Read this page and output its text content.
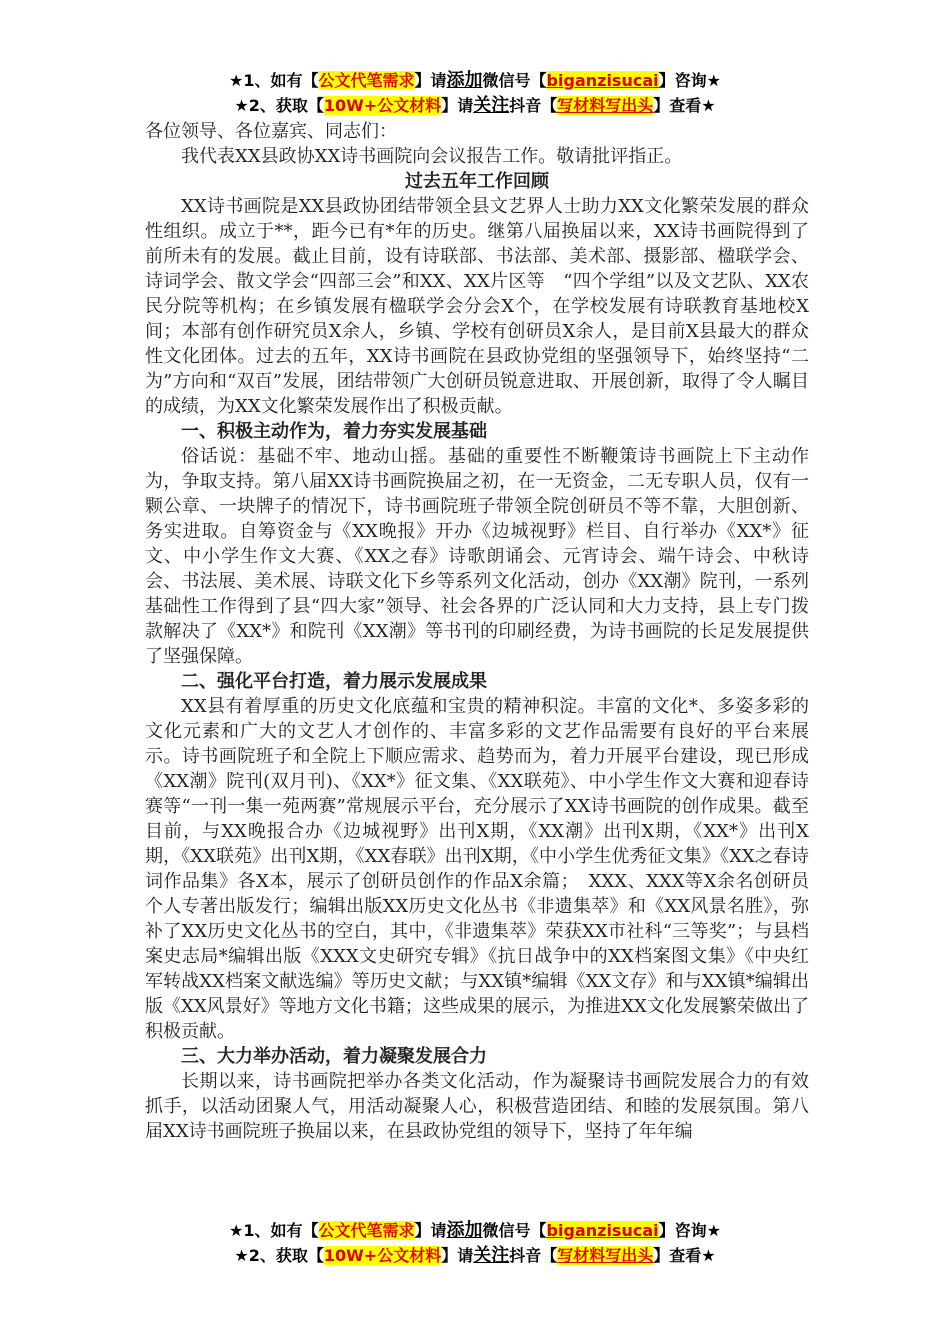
★1、如有【公文代笔需求】请添加微信号【biganzisucai】咨询★
★2、获取【10W+公文材料】请关注抖音【写材料写出头】查看★

各位领导、各位嘉宾、同志们：

我代表XX县政协XX诗书画院向会议报告工作。敬请批评指正。

过去五年工作回顾

XX诗书画院是XX县政协团结带领全县文艺界人士助力XX文化繁荣发展的群众性组织。成立于**，距今已有*年的历史。继第八届换届以来，XX诗书画院得到了前所未有的发展。截止目前，设有诗联部、书法部、美术部、摄影部、楹联学会、诗词学会、散文学会“四部三会”和XX、XX片区等　“四个学组”以及文艺队、XX农民分院等机构；在乡镇发展有楹联学会分会X个，在学校发展有诗联教育基地校X间；本部有创作研究员X余人，乡镇、学校有创研员X余人，是目前X县最大的群众性文化团体。过去的五年，XX诗书画院在县政协党组的坚强领导下，始终坚持“二为”方向和“双百”发展，团结带领广大创研员锐意进取、开展创新，取得了令人瞩目的成绩，为XX文化繁荣发展作出了积极贡献。

一、积极主动作为，着力夯实发展基础

俗话说：基础不牢、地动山摇。基础的重要性不断鞭策诗书画院上下主动作为，争取支持。第八届XX诗书画院换届之初，在一无资金，二无专职人员，仅有一颗公章、一块牌子的情况下，诗书画院班子带领全院创研员不等不靠，大胆创新、务实进取。自筹资金与《XX晚报》开办《边城视野》栏目、自行举办《XX*》征文、中小学生作文大赛、《XX之春》诗歌朗诵会、元宵诗会、端午诗会、中秋诗会、书法展、美术展、诗联文化下乡等系列文化活动，创办《XX潮》院刊，一系列基础性工作得到了县“四大家”领导、社会各界的广泛认同和大力支持，县上专门拨款解决了《XX*》和院刊《XX潮》等书刊的印刷经费，为诗书画院的长足发展提供了坚强保障。

二、强化平台打造，着力展示发展成果

XX县有着厚重的历史文化底蕴和宝贵的精神积淀。丰富的文化*、多姿多彩的文化元素和广大的文艺人才创作的、丰富多彩的文艺作品需要有良好的平台来展示。诗书画院班子和全院上下顺应需求、趋势而为，着力开展平台建设，现已形成《XX潮》院刊(双月刊)、《XX*》征文集、《XX联苑》、中小学生作文大赛和迎春诗赛等“一刊一集一苑两赛”常规展示平台，充分展示了XX诗书画院的创作成果。截至目前，与XX晚报合办《边城视野》出刊X期，《XX潮》出刊X期，《XX*》出刊X期，《XX联苑》出刊X期，《XX春联》出刊X期，《中小学生优秀征文集》《XX之春诗词作品集》各X本，展示了创研员创作的作品X余篇；　XXX、XXX等X余名创研员个人专著出版发行；编辑出版XX历史文化丛书《非遗集萃》和《XX风景名胜》，弥补了XX历史文化丛书的空白，其中，《非遗集萃》荣获XX市社科“三等奖”；与县档案史志局*编辑出版《XXX文史研究专辑》《抗日战争中的XX档案图文集》《中央红军转战XX档案文献选编》等历史文献；与XX镇*编辑《XX文存》和与XX镇*编辑出版《XX风景好》等地方文化书籍；这些成果的展示，为推进XX文化发展繁荣做出了积极贡献。

三、大力举办活动，着力凝聚发展合力

长期以来，诗书画院把举办各类文化活动，作为凝聚诗书画院发展合力的有效抓手，以活动团聚人气，用活动凝聚人心，积极营造团结、和睦的发展氛围。第八届XX诗书画院班子换届以来，在县政协党组的领导下，坚持了年年编

★1、如有【公文代笔需求】请添加微信号【biganzisucai】咨询★
★2、获取【10W+公文材料】请关注抖音【写材料写出头】查看★
